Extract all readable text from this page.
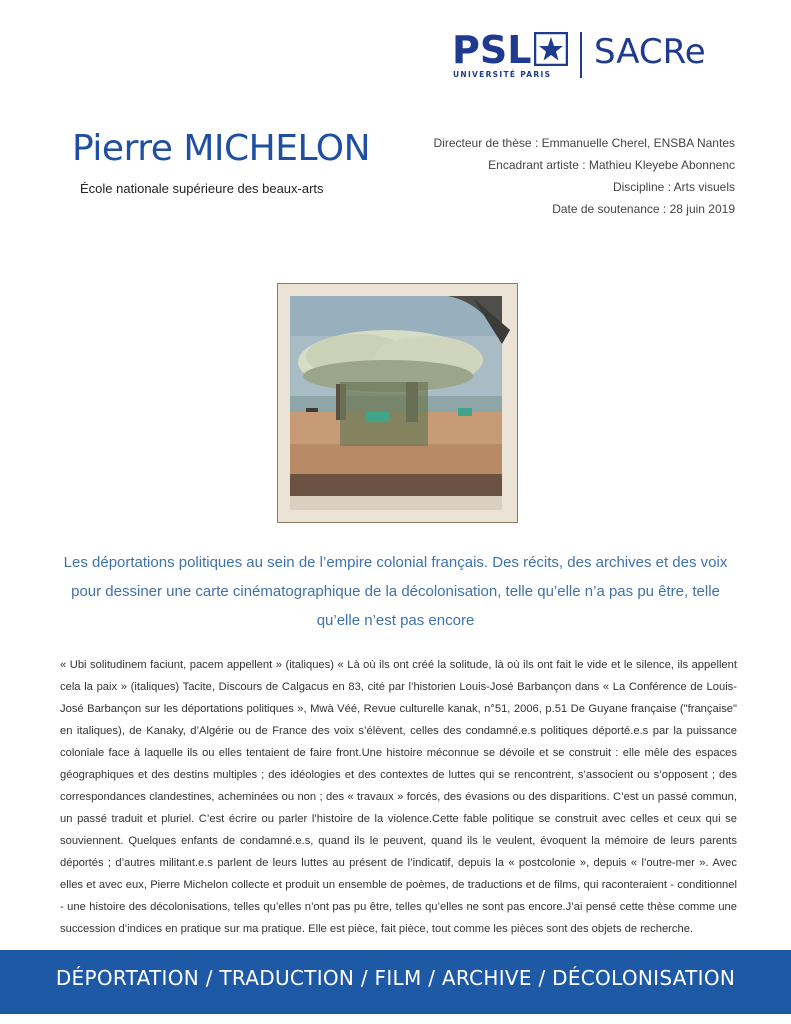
PSL
UNIVERSITÉ PARIS
SACRe
Pierre MICHELON
École nationale supérieure des beaux-arts
Directeur de thèse : Emmanuelle Cherel, ENSBA Nantes
Encadrant artiste : Mathieu Kleyebe Abonnenc
Discipline : Arts visuels
Date de soutenance : 28 juin 2019
Les déportations politiques au sein de l’empire colonial français. Des récits, des archives et des voix pour dessiner une carte cinématographique de la décolonisation, telle qu’elle n’a pas pu être, telle qu’elle n’est pas encore
« Ubi solitudinem faciunt, pacem appellent » (italiques) « Là où ils ont créé la solitude, là où ils ont fait le vide et le silence, ils appellent cela la paix » (italiques) Tacite, Discours de Calgacus en 83, cité par l’historien Louis-José Barbançon dans « La Conférence de Louis-José Barbançon sur les déportations politiques », Mwà Véé, Revue culturelle kanak, n°51, 2006, p.51 De Guyane française ("française" en italiques), de Kanaky, d’Algérie ou de France des voix s’élèvent, celles des condamné.e.s politiques déporté.e.s par la puissance coloniale face à laquelle ils ou elles tentaient de faire front.Une histoire méconnue se dévoile et se construit : elle mêle des espaces géographiques et des destins multiples ; des idéologies et des contextes de luttes qui se rencontrent, s’associent ou s’opposent ; des correspondances clandestines, acheminées ou non ; des « travaux » forcés, des évasions ou des disparitions. C’est un passé commun, un passé traduit et pluriel. C’est écrire ou parler l’histoire de la violence.Cette fable politique se construit avec celles et ceux qui se souviennent. Quelques enfants de condamné.e.s, quand ils le peuvent, quand ils le veulent, évoquent la mémoire de leurs parents déportés ; d’autres militant.e.s parlent de leurs luttes au présent de l’indicatif, depuis la « postcolonie », depuis « l’outre-mer ». Avec elles et avec eux, Pierre Michelon collecte et produit un ensemble de poèmes, de traductions et de films, qui raconteraient - conditionnel - une histoire des décolonisations, telles qu’elles n’ont pas pu être, telles qu’elles ne sont pas encore.J’ai pensé cette thèse comme une succession d’indices en pratique sur ma pratique. Elle est pièce, fait pièce, tout comme les pièces sont des objets de recherche.
DÉPORTATION / TRADUCTION / FILM / ARCHIVE / DÉCOLONISATION
